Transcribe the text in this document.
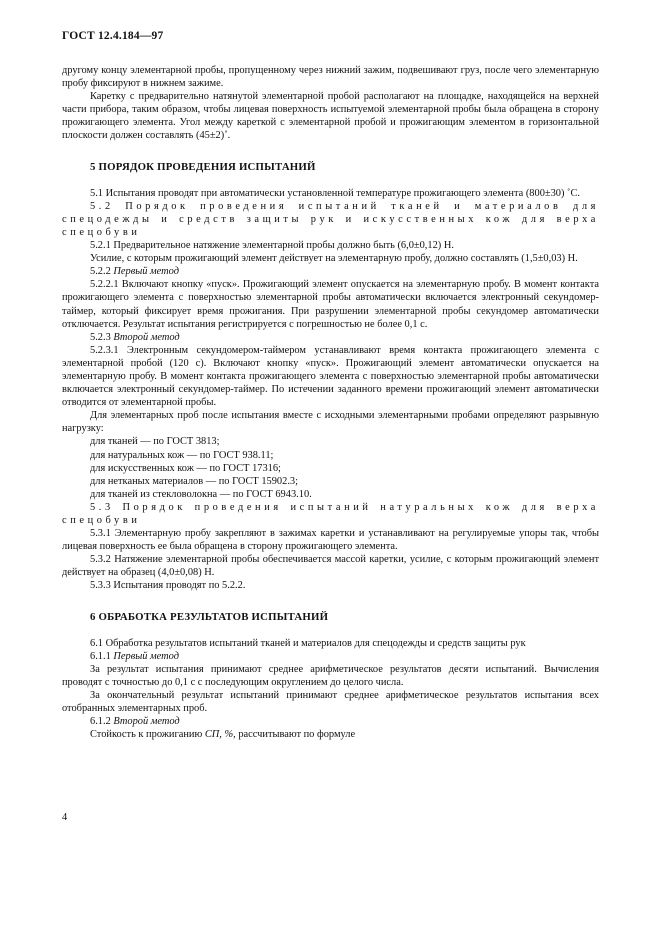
ГОСТ 12.4.184—97

другому концу элементарной пробы, пропущенному через нижний зажим, подвешивают груз, после чего элементарную пробу фиксируют в нижнем зажиме.

Каретку с предварительно натянутой элементарной пробой располагают на площадке, находящейся на верхней части прибора, таким образом, чтобы лицевая поверхность испытуемой элементарной пробы была обращена в сторону прожигающего элемента. Угол между кареткой с элементарной пробой и прожигающим элементом в горизонтальной плоскости должен составлять (45±2)˚.

5 ПОРЯДОК ПРОВЕДЕНИЯ ИСПЫТАНИЙ

5.1 Испытания проводят при автоматически установленной температуре прожигающего элемента (800±30) ˚С.

5.2 Порядок проведения испытаний тканей и материалов для спецодежды и средств защиты рук и искусственных кож для верха спецобуви

5.2.1 Предварительное натяжение элементарной пробы должно быть (6,0±0,12) Н.

Усилие, с которым прожигающий элемент действует на элементарную пробу, должно составлять (1,5±0,03) Н.

5.2.2 Первый метод

5.2.2.1 Включают кнопку «пуск». Прожигающий элемент опускается на элементарную пробу. В момент контакта прожигающего элемента с поверхностью элементарной пробы автоматически включается электронный секундомер-таймер, который фиксирует время прожигания. При разрушении элементарной пробы секундомер автоматически отключается. Результат испытания регистрируется с погрешностью не более 0,1 с.

5.2.3 Второй метод

5.2.3.1 Электронным секундомером-таймером устанавливают время контакта прожигающего элемента с элементарной пробой (120 с). Включают кнопку «пуск». Прожигающий элемент автоматически опускается на элементарную пробу. В момент контакта прожигающего элемента с поверхностью элементарной пробы автоматически включается электронный секундомер-таймер. По истечении заданного времени прожигающий элемент автоматически отводится от элементарной пробы.

Для элементарных проб после испытания вместе с исходными элементарными пробами определяют разрывную нагрузку:

для тканей — по ГОСТ 3813;

для натуральных кож — по ГОСТ 938.11;

для искусственных кож — по ГОСТ 17316;

для нетканых материалов — по ГОСТ 15902.3;

для тканей из стекловолокна — по ГОСТ 6943.10.

5.3 Порядок проведения испытаний натуральных кож для верха спецобуви

5.3.1 Элементарную пробу закрепляют в зажимах каретки и устанавливают на регулируемые упоры так, чтобы лицевая поверхность ее была обращена в сторону прожигающего элемента.

5.3.2 Натяжение элементарной пробы обеспечивается массой каретки, усилие, с которым прожигающий элемент действует на образец (4,0±0,08) Н.

5.3.3 Испытания проводят по 5.2.2.

6 ОБРАБОТКА РЕЗУЛЬТАТОВ ИСПЫТАНИЙ

6.1 Обработка результатов испытаний тканей и материалов для спецодежды и средств защиты рук

6.1.1 Первый метод

За результат испытания принимают среднее арифметическое результатов десяти испытаний. Вычисления проводят с точностью до 0,1 с с последующим округлением до целого числа.

За окончательный результат испытаний принимают среднее арифметическое результатов испытания всех отобранных элементарных проб.

6.1.2 Второй метод

Стойкость к прожиганию СП, %, рассчитывают по формуле

4
